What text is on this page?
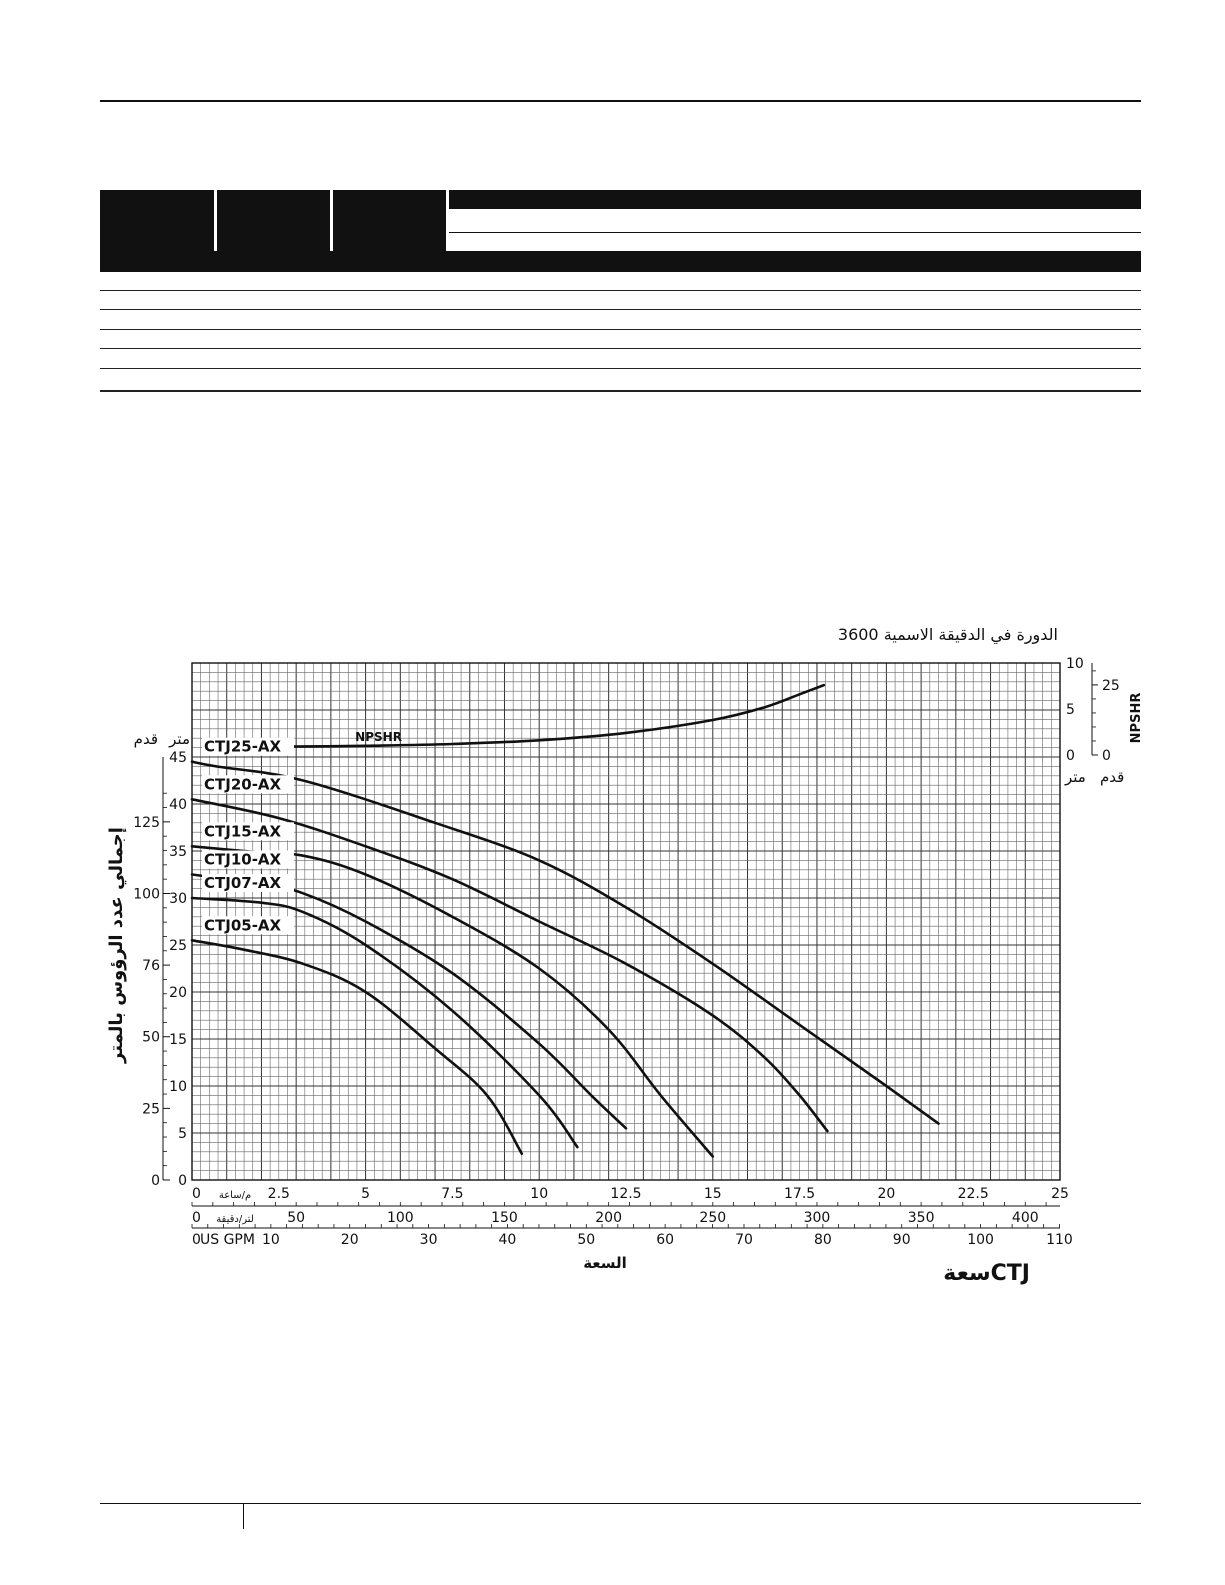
3600 الدورة في الدقيقة الاسمية
0
5
10
15
20
25
30
35
40
45
0
25
50
76
100
125
قدم متر
إجمالي عدد الرؤوس بالمتر
0
5
10
0
25
NPSHR
متر قدم
0	2.5	5	7.5	10	12.5	15	17.5	20	22.5	25
م/ساعة
0	50	100	150	200	250	300	350	400
لتر/دقيقة
0	10	20	30	40	50	60	70	80	90	100	110
US GPM
السعة	سعةCTJ
NPSHR
CTJ25-AX
CTJ20-AX
CTJ15-AX
CTJ10-AX
CTJ07-AX
CTJ05-AX
